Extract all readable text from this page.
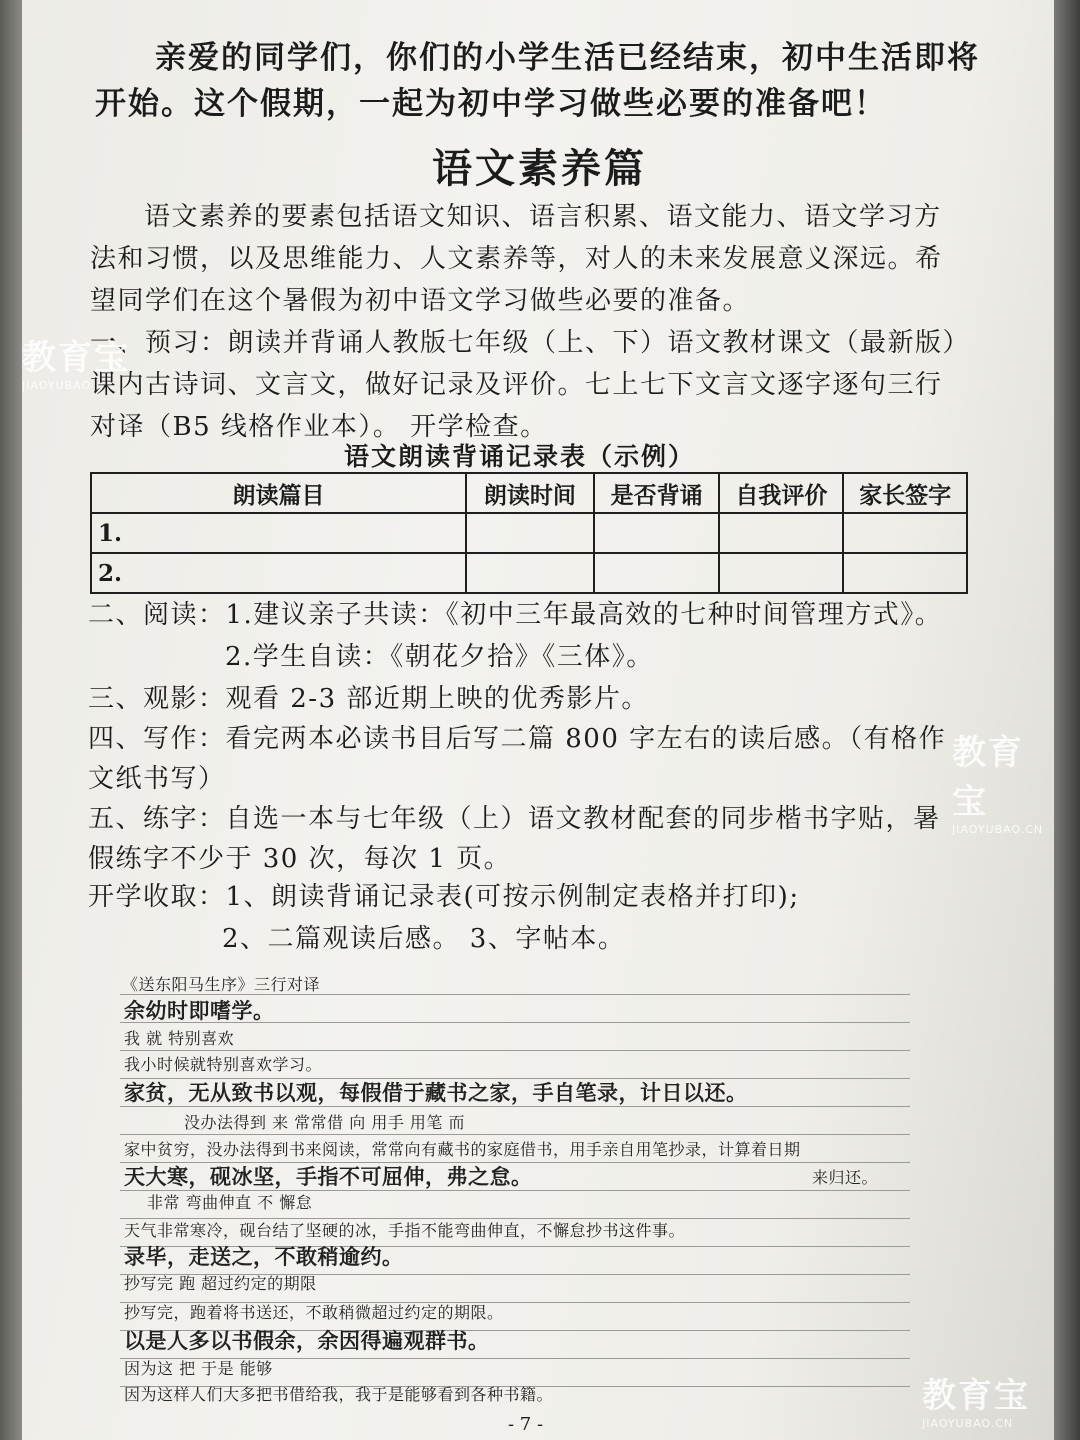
亲爱的同学们，你们的小学生活已经结束，初中生活即将
开始。这个假期，一起为初中学习做些必要的准备吧！
语文素养篇
语文素养的要素包括语文知识、语言积累、语文能力、语文学习方
法和习惯，以及思维能力、人文素养等，对人的未来发展意义深远。希
望同学们在这个暑假为初中语文学习做些必要的准备。
一、预习：朗读并背诵人教版七年级（上、下）语文教材课文（最新版）
课内古诗词、文言文，做好记录及评价。七上七下文言文逐字逐句三行
对译（B5 线格作业本）。 开学检查。
语文朗读背诵记录表（示例）
朗读篇目	朗读时间	是否背诵	自我评价	家长签字
1.				
2.				
二、阅读：1.建议亲子共读：《初中三年最高效的七种时间管理方式》。
2.学生自读：《朝花夕拾》《三体》。
三、观影：观看 2-3 部近期上映的优秀影片。
四、写作：看完两本必读书目后写二篇 800 字左右的读后感。（有格作
文纸书写）
五、练字：自选一本与七年级（上）语文教材配套的同步楷书字贴，暑
假练字不少于 30 次，每次 1 页。
开学收取：1、朗读背诵记录表(可按示例制定表格并打印);
2、二篇观读后感。 3、字帖本。
《送东阳马生序》三行对译
余幼时即嗜学。
我 就 特别喜欢
我小时候就特别喜欢学习。
家贫，无从致书以观，每假借于藏书之家，手自笔录，计日以还。
没办法得到 来 常常借 向 用手 用笔 而
家中贫穷，没办法得到书来阅读，常常向有藏书的家庭借书，用手亲自用笔抄录，计算着日期
天大寒，砚冰坚，手指不可屈伸，弗之怠。	来归还。
非常 弯曲伸直 不 懈怠
天气非常寒冷，砚台结了坚硬的冰，手指不能弯曲伸直，不懈怠抄书这件事。
录毕，走送之，不敢稍逾约。
抄写完 跑 超过约定的期限
抄写完，跑着将书送还，不敢稍微超过约定的期限。
以是人多以书假余，余因得遍观群书。
因为这 把 于是 能够
因为这样人们大多把书借给我，我于是能够看到各种书籍。
- 7 -
教育宝
JIAOYUBAO
教育宝
JIAOYUBAO.CN
教育宝
JIAOYUBAO.CN
